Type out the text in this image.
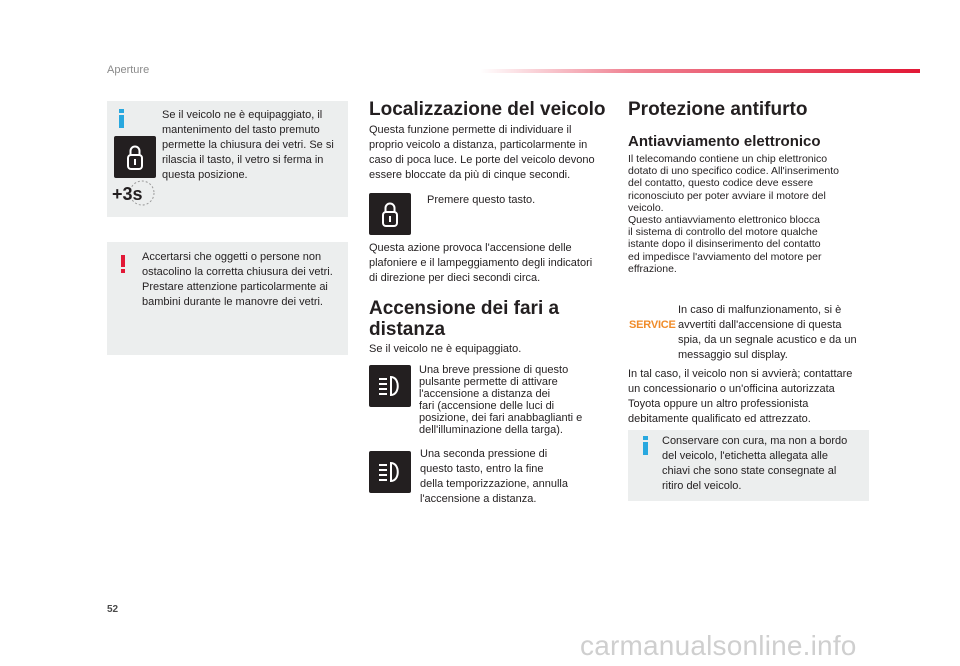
Aperture
+3s
Se il veicolo ne è equipaggiato, il
mantenimento del tasto premuto
permette la chiusura dei vetri. Se si
rilascia il tasto, il vetro si ferma in
questa posizione.
Accertarsi che oggetti o persone non
ostacolino la corretta chiusura dei vetri.
Prestare attenzione particolarmente ai
bambini durante le manovre dei vetri.
Localizzazione del veicolo
Questa funzione permette di individuare il
proprio veicolo a distanza, particolarmente in
caso di poca luce. Le porte del veicolo devono
essere bloccate da più di cinque secondi.
Premere questo tasto.
Questa azione provoca l'accensione delle
plafoniere e il lampeggiamento degli indicatori
di direzione per dieci secondi circa.
Accensione dei fari a
distanza
Se il veicolo ne è equipaggiato.
Una breve pressione di questo
pulsante permette di attivare
l'accensione a distanza dei
fari (accensione delle luci di
posizione, dei fari anabbaglianti e
dell'illuminazione della targa).
Una seconda pressione di
questo tasto, entro la fine
della temporizzazione, annulla
l'accensione a distanza.
Protezione antifurto
Antiavviamento elettronico
Il telecomando contiene un chip elettronico
dotato di uno specifico codice. All'inserimento
del contatto, questo codice deve essere
riconosciuto per poter avviare il motore del
veicolo.
Questo antiavviamento elettronico blocca
il sistema di controllo del motore qualche
istante dopo il disinserimento del contatto
ed impedisce l'avviamento del motore per
effrazione.
SERVICE
In caso di malfunzionamento, si è
avvertiti dall'accensione di questa
spia, da un segnale acustico e da un
messaggio sul display.
In tal caso, il veicolo non si avvierà; contattare
un concessionario o un'officina autorizzata
Toyota oppure un altro professionista
debitamente qualificato ed attrezzato.
Conservare con cura, ma non a bordo
del veicolo, l'etichetta allegata alle
chiavi che sono state consegnate al
ritiro del veicolo.
52
carmanualsonline.info
